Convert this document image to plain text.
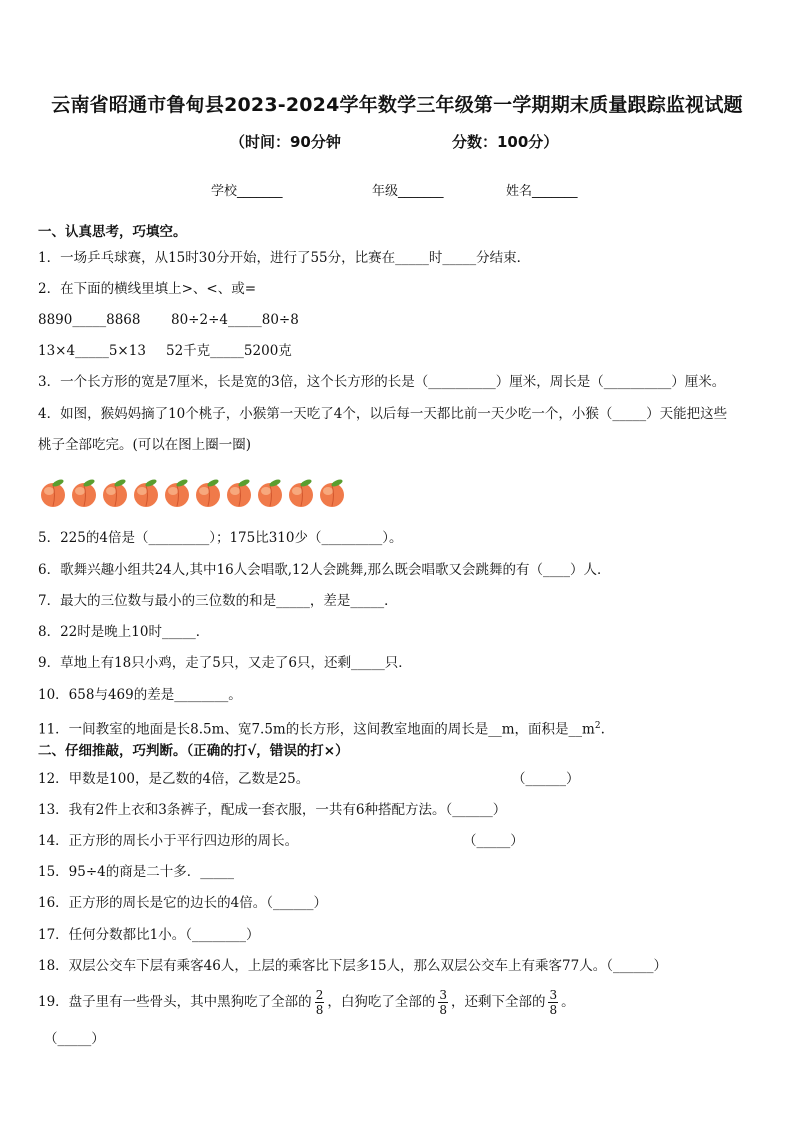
云南省昭通市鲁甸县2023-2024学年数学三年级第一学期期末质量跟踪监视试题
（时间：90分钟	分数：100分）
学校_______	年级_______	姓名_______
一、认真思考，巧填空。
1．一场乒乓球赛，从15时30分开始，进行了55分，比赛在_____时_____分结束．
2．在下面的横线里填上>、<、或=
8890_____8868 80÷2÷4_____80÷8
13×4_____5×13 52千克_____5200克
3．一个长方形的宽是7厘米，长是宽的3倍，这个长方形的长是（__________）厘米，周长是（__________）厘米。
4．如图，猴妈妈摘了10个桃子，小猴第一天吃了4个，以后每一天都比前一天少吃一个，小猴（_____）天能把这些
桃子全部吃完。(可以在图上圈一圈)
5．225的4倍是（_________）；175比310少（_________）。
6．歌舞兴趣小组共24人,其中16人会唱歌,12人会跳舞,那么既会唱歌又会跳舞的有（____）人．
7．最大的三位数与最小的三位数的和是_____，差是_____．
8．22时是晚上10时_____．
9．草地上有18只小鸡，走了5只，又走了6只，还剩_____只．
10．658与469的差是________。
11．一间教室的地面是长8.5m、宽7.5m的长方形，这间教室地面的周长是__m，面积是$\_\_m^2$.
二、仔细推敲，巧判断。（正确的打√，错误的打×）
12．甲数是100，是乙数的4倍，乙数是25。	（______）
13．我有2件上衣和3条裤子，配成一套衣服，一共有6种搭配方法。（______）
14．正方形的周长小于平行四边形的周长。	（_____）
15．95÷4的商是二十多．_____
16．正方形的周长是它的边长的4倍。（______）
17．任何分数都比1小。（________）
18．双层公交车下层有乘客46人，上层的乘客比下层多15人，那么双层公交车上有乘客77人。（______）
19．盘子里有一些骨头，其中黑狗吃了全部的 $\frac{2}{8}$ ，白狗吃了全部的 $\frac{3}{8}$ ，还剩下全部的 $\frac{3}{8}$ 。
（_____）
